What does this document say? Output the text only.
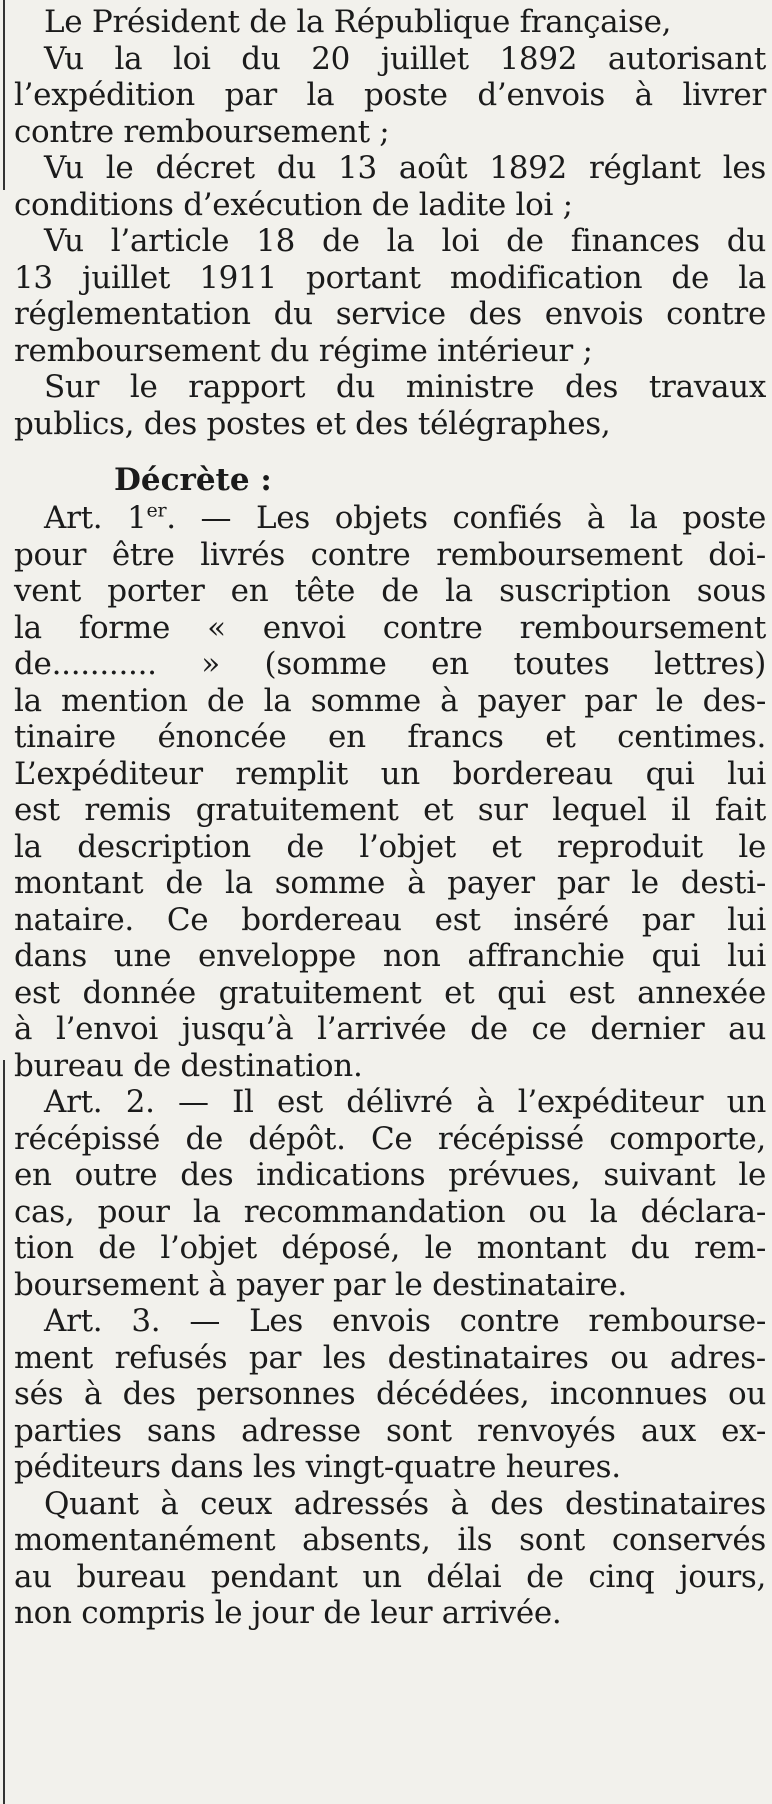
Le Président de la République française,
Vu la loi du 20 juillet 1892 autorisant
l’expédition par la poste d’envois à livrer
contre remboursement ;
Vu le décret du 13 août 1892 réglant les
conditions d’exécution de ladite loi ;
Vu l’article 18 de la loi de finances du
13 juillet 1911 portant modification de la
réglementation du service des envois contre
remboursement du régime intérieur ;
Sur le rapport du ministre des travaux
publics, des postes et des télégraphes,
Décrète :
Art. 1er. — Les objets confiés à la poste
pour être livrés contre remboursement doi-
vent porter en tête de la suscription sous
la forme « envoi contre remboursement
de........... » (somme en toutes lettres)
la mention de la somme à payer par le des-
tinaire énoncée en francs et centimes.
L’expéditeur remplit un bordereau qui lui
est remis gratuitement et sur lequel il fait
la description de l’objet et reproduit le
montant de la somme à payer par le desti-
nataire. Ce bordereau est inséré par lui
dans une enveloppe non affranchie qui lui
est donnée gratuitement et qui est annexée
à l’envoi jusqu’à l’arrivée de ce dernier au
bureau de destination.
Art. 2. — Il est délivré à l’expéditeur un
récépissé de dépôt. Ce récépissé comporte,
en outre des indications prévues, suivant le
cas, pour la recommandation ou la déclara-
tion de l’objet déposé, le montant du rem-
boursement à payer par le destinataire.
Art. 3. — Les envois contre rembourse-
ment refusés par les destinataires ou adres-
sés à des personnes décédées, inconnues ou
parties sans adresse sont renvoyés aux ex-
péditeurs dans les vingt-quatre heures.
Quant à ceux adressés à des destinataires
momentanément absents, ils sont conservés
au bureau pendant un délai de cinq jours,
non compris le jour de leur arrivée.
